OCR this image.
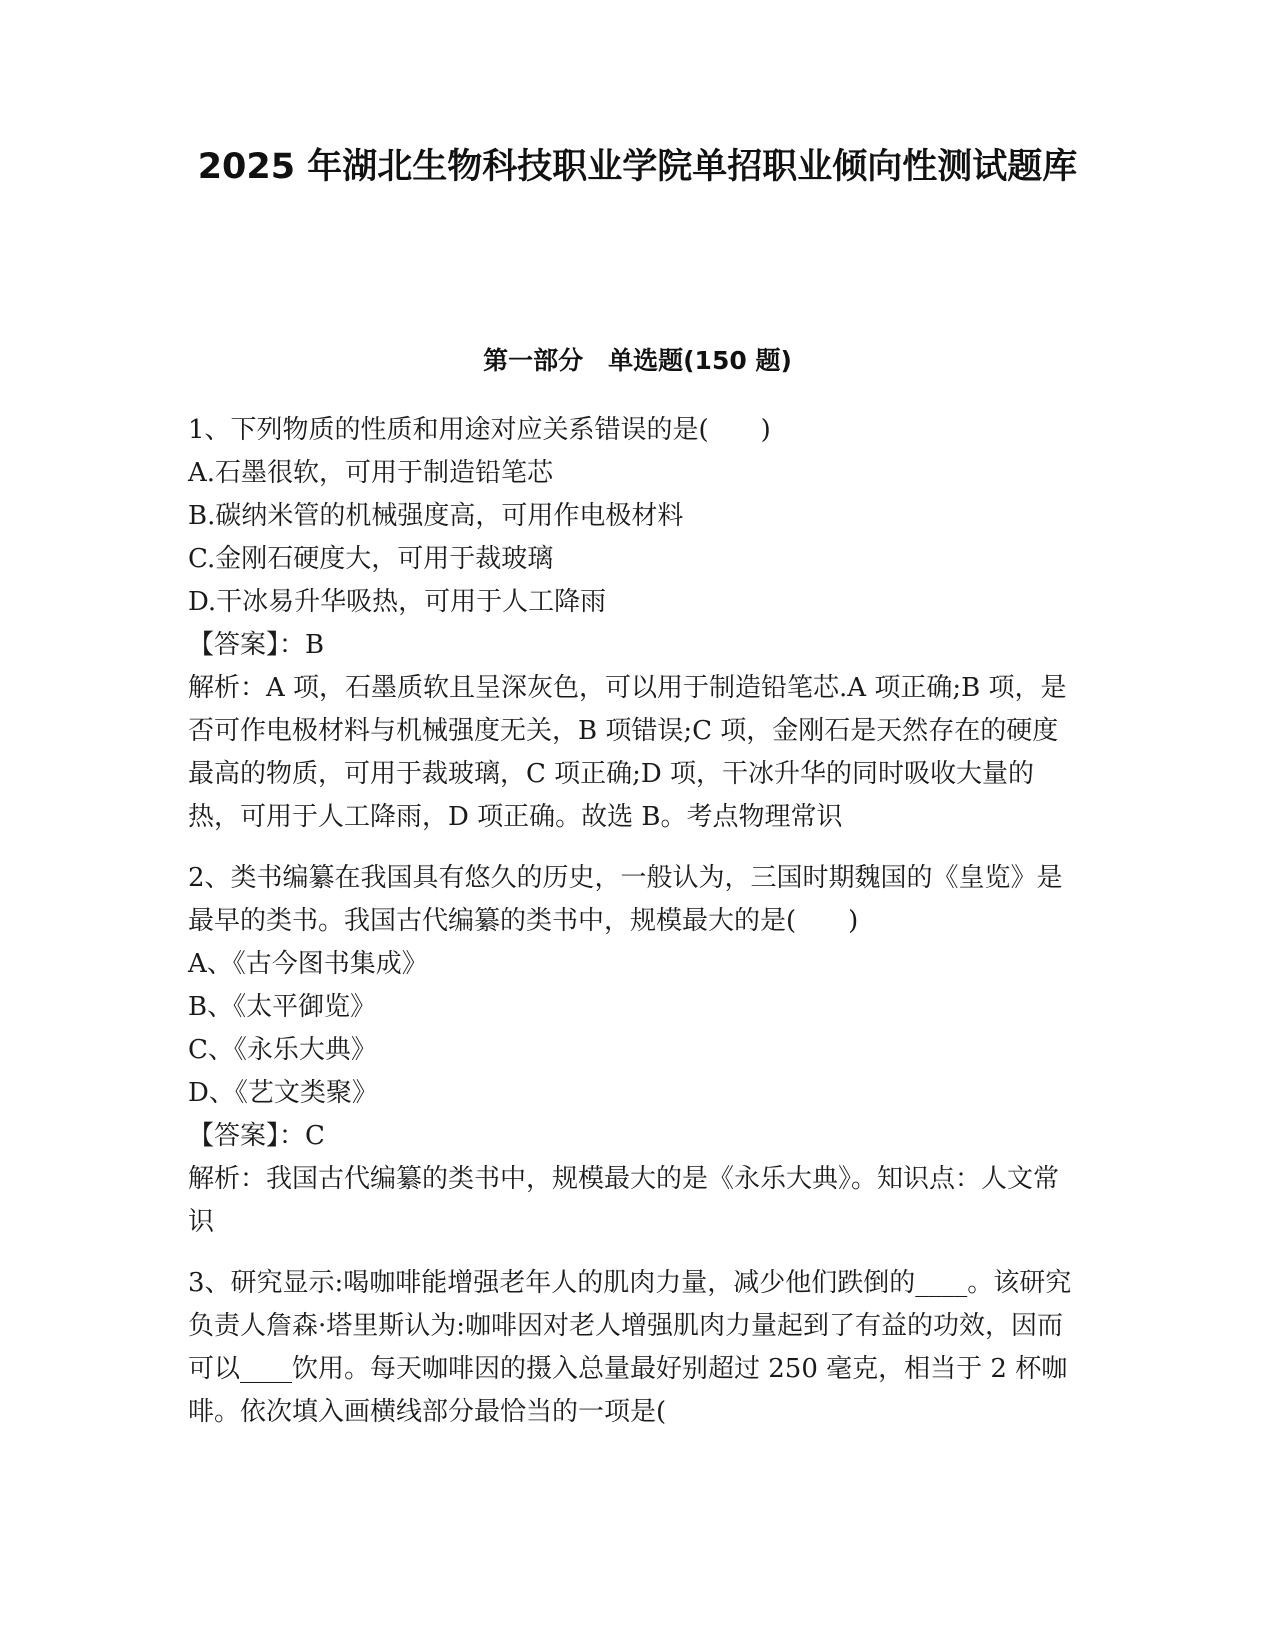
2025 年湖北生物科技职业学院单招职业倾向性测试题库
第一部分　单选题(150 题)
1、下列物质的性质和用途对应关系错误的是(　　)
A.石墨很软，可用于制造铅笔芯
B.碳纳米管的机械强度高，可用作电极材料
C.金刚石硬度大，可用于裁玻璃
D.干冰易升华吸热，可用于人工降雨
【答案】：B
解析：A 项，石墨质软且呈深灰色，可以用于制造铅笔芯.A 项正确;B 项，是否可作电极材料与机械强度无关，B 项错误;C 项，金刚石是天然存在的硬度最高的物质，可用于裁玻璃，C 项正确;D 项，干冰升华的同时吸收大量的热，可用于人工降雨，D 项正确。故选 B。考点物理常识
2、类书编纂在我国具有悠久的历史，一般认为，三国时期魏国的《皇览》是最早的类书。我国古代编纂的类书中，规模最大的是(　　)
A、《古今图书集成》
B、《太平御览》
C、《永乐大典》
D、《艺文类聚》
【答案】：C
解析：我国古代编纂的类书中，规模最大的是《永乐大典》。知识点：人文常识
3、研究显示:喝咖啡能增强老年人的肌肉力量，减少他们跌倒的____。该研究负责人詹森·塔里斯认为:咖啡因对老人增强肌肉力量起到了有益的功效，因而可以____饮用。每天咖啡因的摄入总量最好别超过 250 毫克，相当于 2 杯咖啡。依次填入画横线部分最恰当的一项是(
